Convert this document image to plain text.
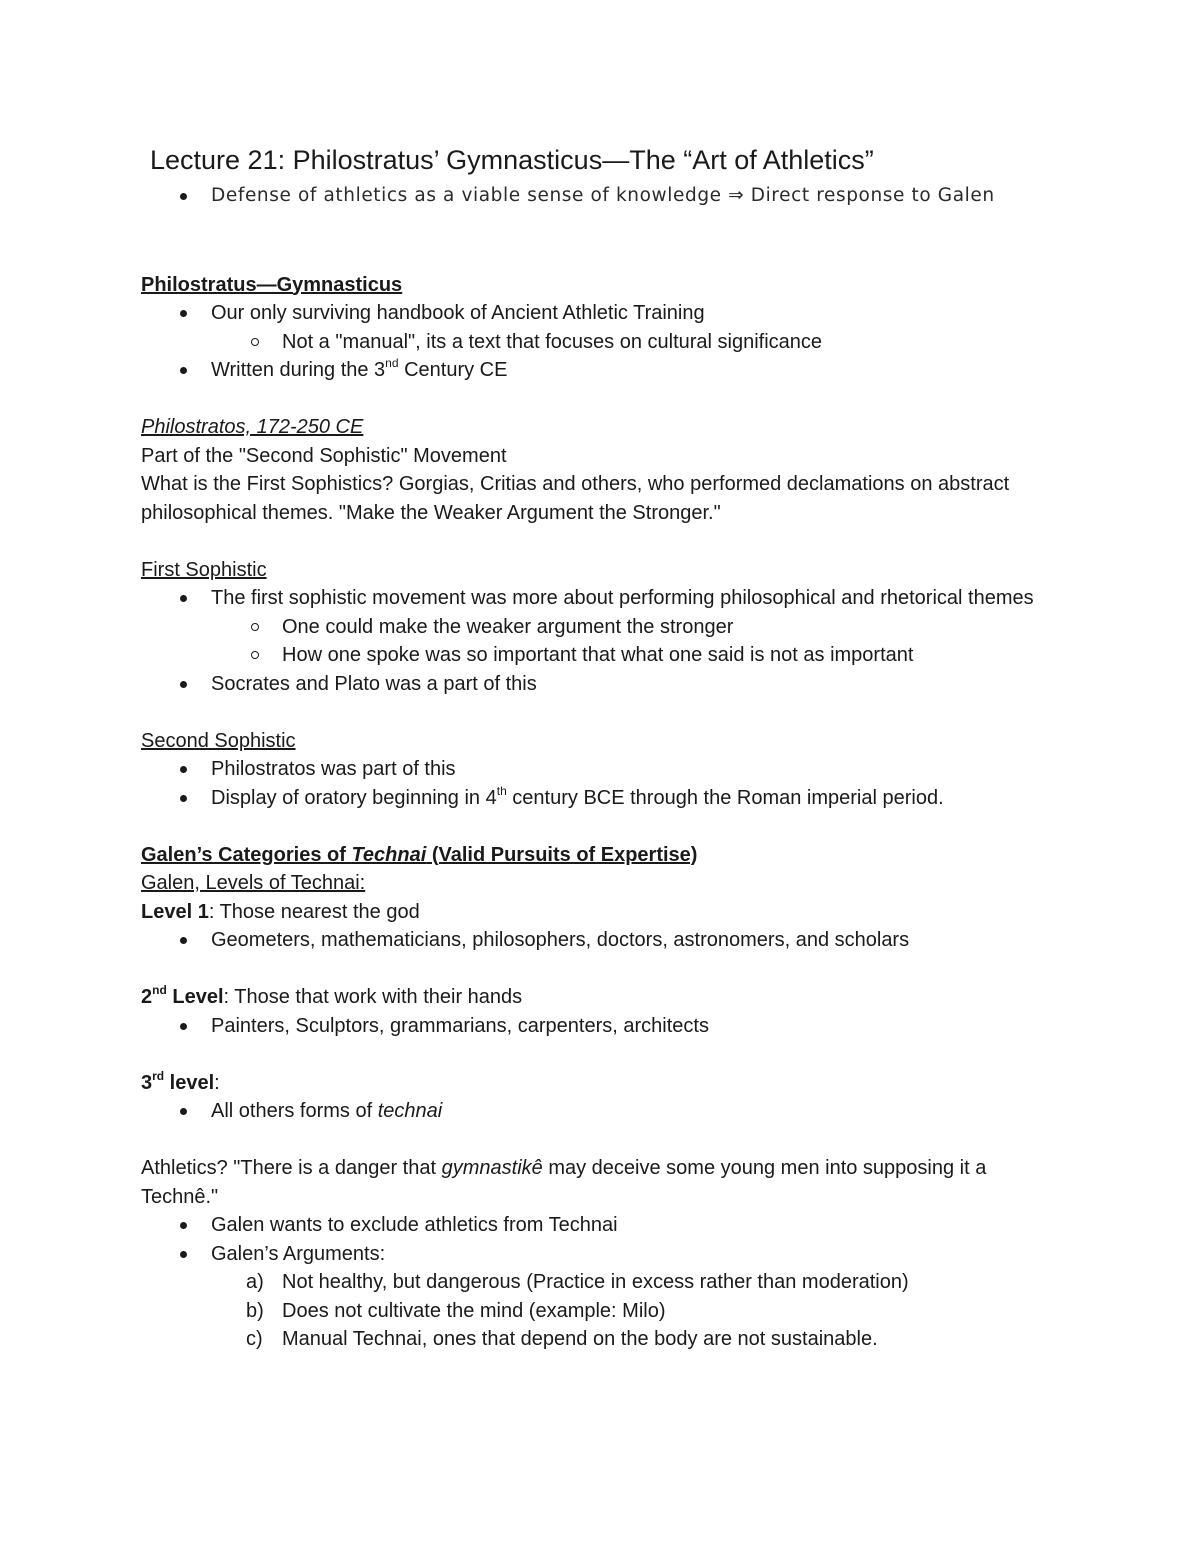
Lecture 21: Philostratus’ Gymnasticus—The “Art of Athletics”
Defense of athletics as a viable sense of knowledge ⇒ Direct response to Galen

Philostratus—Gymnasticus

Our only surviving handbook of Ancient Athletic Training
Not a "manual", its a text that focuses on cultural significance
Written during the 3nd Century CE

Philostratos, 172-250 CE

Part of the "Second Sophistic" Movement

What is the First Sophistics? Gorgias, Critias and others, who performed declamations on abstract philosophical themes. "Make the Weaker Argument the Stronger."

First Sophistic

The first sophistic movement was more about performing philosophical and rhetorical themes
One could make the weaker argument the stronger
How one spoke was so important that what one said is not as important
Socrates and Plato was a part of this

Second Sophistic

Philostratos was part of this
Display of oratory beginning in 4th century BCE through the Roman imperial period.

Galen’s Categories of Technai (Valid Pursuits of Expertise)

Galen, Levels of Technai:

Level 1: Those nearest the god

Geometers, mathematicians, philosophers, doctors, astronomers, and scholars

2nd Level: Those that work with their hands

Painters, Sculptors, grammarians, carpenters, architects

3rd level:

All others forms of technai

Athletics? "There is a danger that gymnastikê may deceive some young men into supposing it a Technê."

Galen wants to exclude athletics from Technai
Galen’s Arguments:
a) Not healthy, but dangerous (Practice in excess rather than moderation)
b) Does not cultivate the mind (example: Milo)
c) Manual Technai, ones that depend on the body are not sustainable.
